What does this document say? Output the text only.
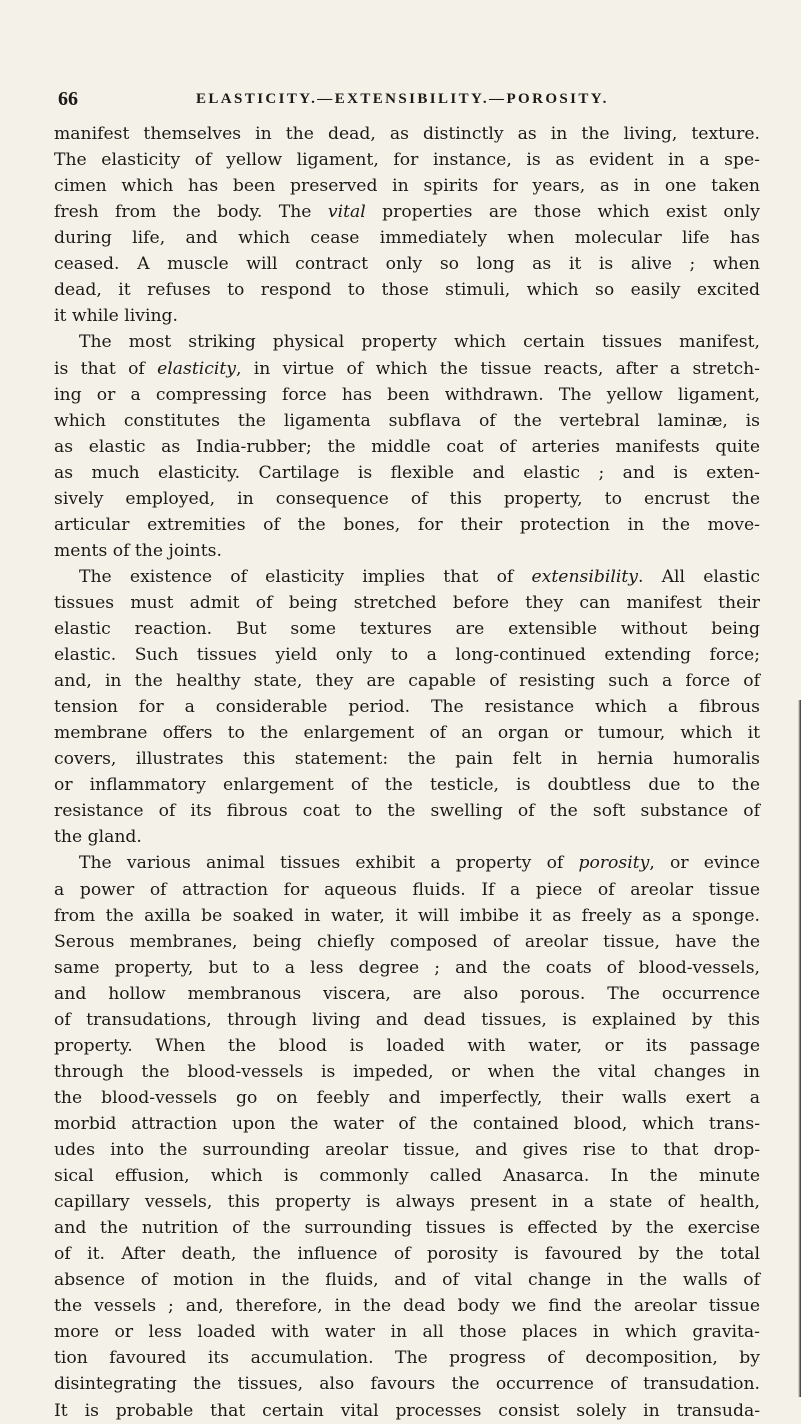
66	ELASTICITY.—EXTENSIBILITY.—POROSITY.
manifest themselves in the dead, as distinctly as in the living, texture.
The elasticity of yellow ligament, for instance, is as evident in a spe-
cimen which has been preserved in spirits for years, as in one taken
fresh from the body. The vital properties are those which exist only
during life, and which cease immediately when molecular life has
ceased. A muscle will contract only so long as it is alive ; when
dead, it refuses to respond to those stimuli, which so easily excited
it while living.
The most striking physical property which certain tissues manifest,
is that of elasticity, in virtue of which the tissue reacts, after a stretch-
ing or a compressing force has been withdrawn. The yellow ligament,
which constitutes the ligamenta subflava of the vertebral laminæ, is
as elastic as India-rubber; the middle coat of arteries manifests quite
as much elasticity. Cartilage is flexible and elastic ; and is exten-
sively employed, in consequence of this property, to encrust the
articular extremities of the bones, for their protection in the move-
ments of the joints.
The existence of elasticity implies that of extensibility. All elastic
tissues must admit of being stretched before they can manifest their
elastic reaction. But some textures are extensible without being
elastic. Such tissues yield only to a long-continued extending force;
and, in the healthy state, they are capable of resisting such a force of
tension for a considerable period. The resistance which a fibrous
membrane offers to the enlargement of an organ or tumour, which it
covers, illustrates this statement: the pain felt in hernia humoralis
or inflammatory enlargement of the testicle, is doubtless due to the
resistance of its fibrous coat to the swelling of the soft substance of
the gland.
The various animal tissues exhibit a property of porosity, or evince
a power of attraction for aqueous fluids. If a piece of areolar tissue
from the axilla be soaked in water, it will imbibe it as freely as a sponge.
Serous membranes, being chiefly composed of areolar tissue, have the
same property, but to a less degree ; and the coats of blood-vessels,
and hollow membranous viscera, are also porous. The occurrence
of transudations, through living and dead tissues, is explained by this
property. When the blood is loaded with water, or its passage
through the blood-vessels is impeded, or when the vital changes in
the blood-vessels go on feebly and imperfectly, their walls exert a
morbid attraction upon the water of the contained blood, which trans-
udes into the surrounding areolar tissue, and gives rise to that drop-
sical effusion, which is commonly called Anasarca. In the minute
capillary vessels, this property is always present in a state of health,
and the nutrition of the surrounding tissues is effected by the exercise
of it. After death, the influence of porosity is favoured by the total
absence of motion in the fluids, and of vital change in the walls of
the vessels ; and, therefore, in the dead body we find the areolar tissue
more or less loaded with water in all those places in which gravita-
tion favoured its accumulation. The progress of decomposition, by
disintegrating the tissues, also favours the occurrence of transudation.
It is probable that certain vital processes consist solely in transuda-
